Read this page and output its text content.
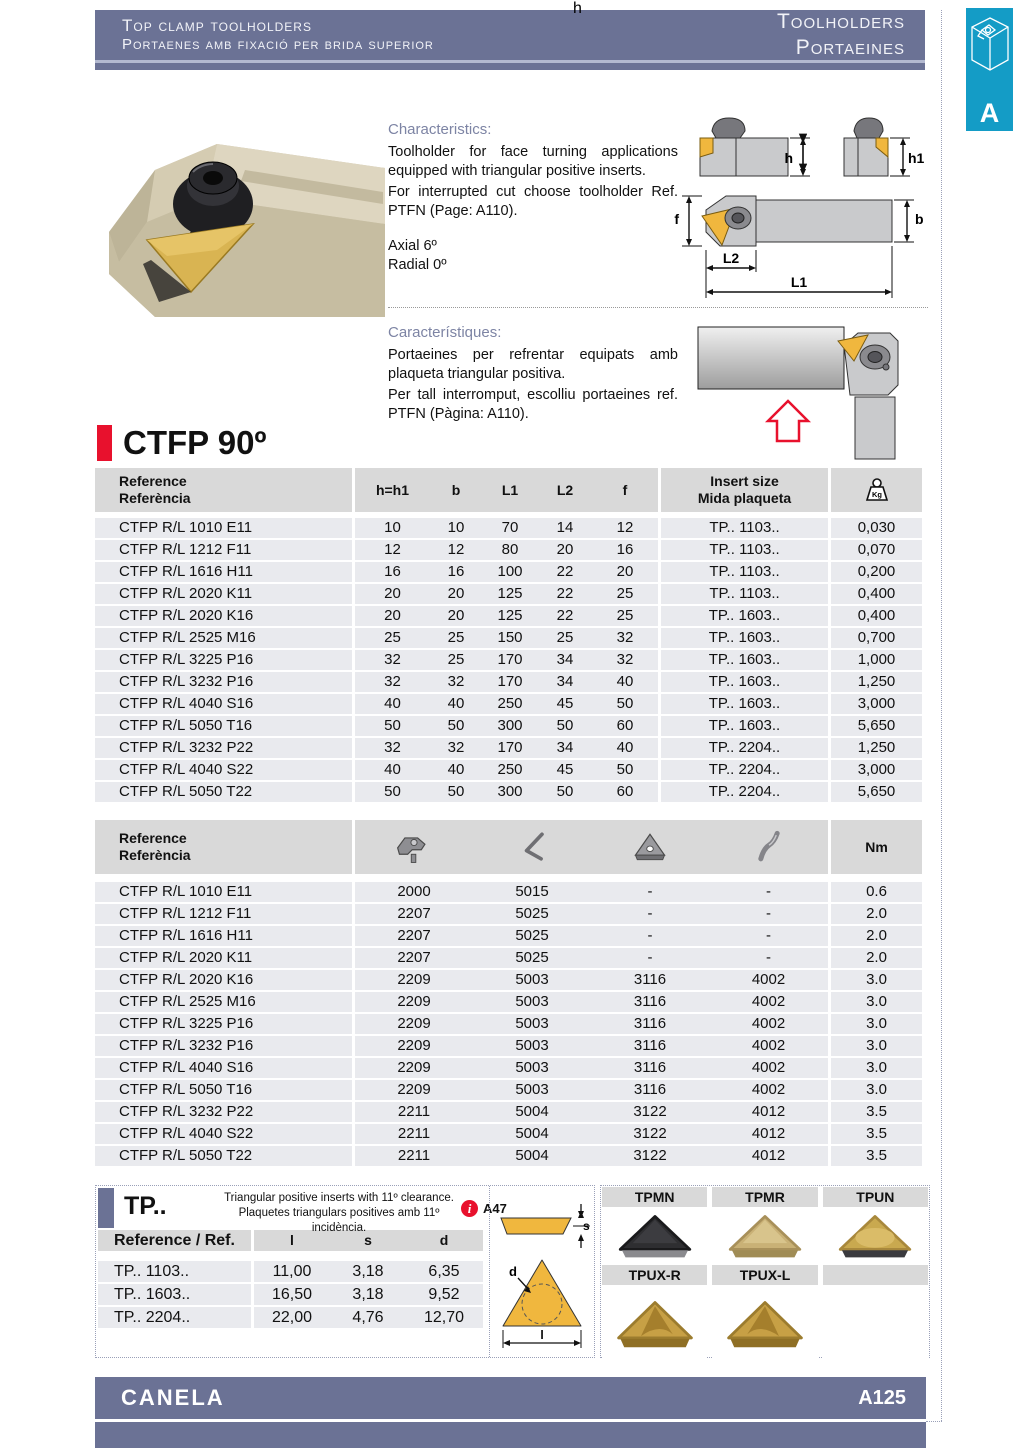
Top clamp toolholders
Portaenes amb fixació per brida superior
Toolholders
Portaeines
A
Characteristics:

Toolholder for face turning applications equipped with triangular positive inserts.

For interrupted cut choose toolholder Ref. PTFN (Page: A110).

Axial 6º
Radial 0º
h	h1
f	b
L2
L1
h
Característiques:

Portaeines per refrentar equipats amb plaqueta triangular positiva.

Per tall interromput, escolliu portaeines ref. PTFN (Pàgina: A110).

CTFP 90º
Reference
Referència	h=h1	b	L1	L2	f
Insert size
Mida plaqueta	Kg
CTFP R/L 1010 E11	10	10	70	14	12	TP.. 1103..	0,030
CTFP R/L 1212 F11	12	12	80	20	16	TP.. 1103..	0,070
CTFP R/L 1616 H11	16	16	100	22	20	TP.. 1103..	0,200
CTFP R/L 2020 K11	20	20	125	22	25	TP.. 1103..	0,400
CTFP R/L 2020 K16	20	20	125	22	25	TP.. 1603..	0,400
CTFP R/L 2525 M16	25	25	150	25	32	TP.. 1603..	0,700
CTFP R/L 3225 P16	32	25	170	34	32	TP.. 1603..	1,000
CTFP R/L 3232 P16	32	32	170	34	40	TP.. 1603..	1,250
CTFP R/L 4040 S16	40	40	250	45	50	TP.. 1603..	3,000
CTFP R/L 5050 T16	50	50	300	50	60	TP.. 1603..	5,650
CTFP R/L 3232 P22	32	32	170	34	40	TP.. 2204..	1,250
CTFP R/L 4040 S22	40	40	250	45	50	TP.. 2204..	3,000
CTFP R/L 5050 T22	50	50	300	50	60	TP.. 2204..	5,650
Reference
Referència	Nm
CTFP R/L 1010 E11	2000	5015	-	-	0.6
CTFP R/L 1212 F11	2207	5025	-	-	2.0
CTFP R/L 1616 H11	2207	5025	-	-	2.0
CTFP R/L 2020 K11	2207	5025	-	-	2.0
CTFP R/L 2020 K16	2209	5003	3116	4002	3.0
CTFP R/L 2525 M16	2209	5003	3116	4002	3.0
CTFP R/L 3225 P16	2209	5003	3116	4002	3.0
CTFP R/L 3232 P16	2209	5003	3116	4002	3.0
CTFP R/L 4040 S16	2209	5003	3116	4002	3.0
CTFP R/L 5050 T16	2209	5003	3116	4002	3.0
CTFP R/L 3232 P22	2211	5004	3122	4012	3.5
CTFP R/L 4040 S22	2211	5004	3122	4012	3.5
CTFP R/L 5050 T22	2211	5004	3122	4012	3.5
TP..	Triangular positive inserts with 11º clearance.
Plaquetes triangulars positives amb 11º incidència.
i A47
Reference / Ref.	l	s	d
TP.. 1103..	11,00	3,18	6,35
TP.. 1603..	16,50	3,18	9,52
TP.. 2204..	22,00	4,76	12,70
s
d
l
TPMN	TPMR	TPUN
TPUX-R	TPUX-L
CANELA	A125
